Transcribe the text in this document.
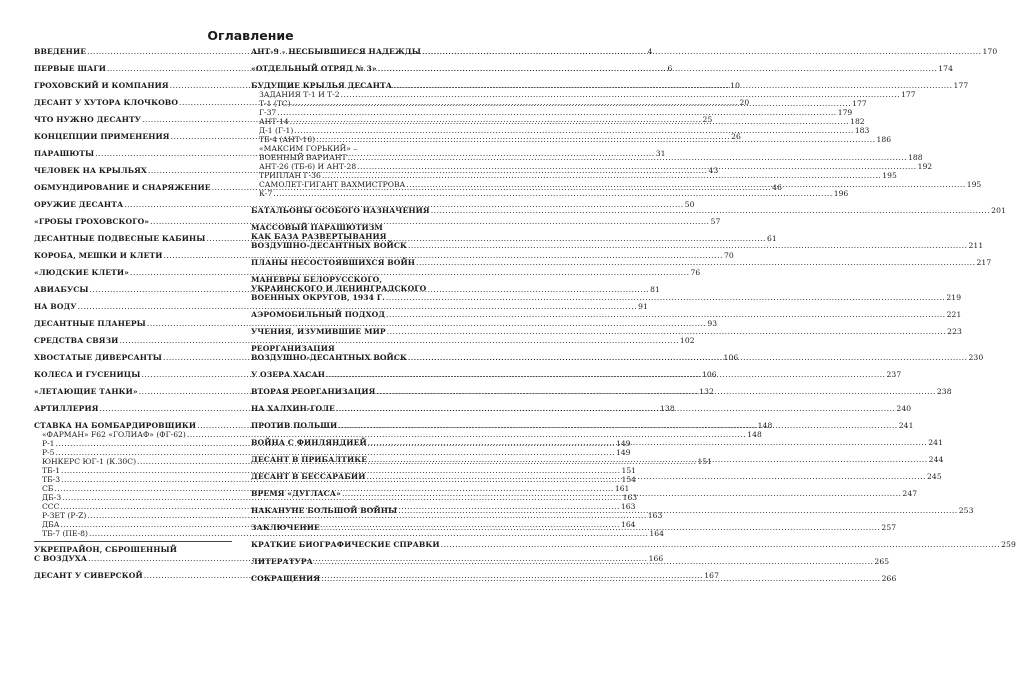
Оглавление
ВВЕДЕНИЕ .....	4
ПЕРВЫЕ ШАГИ .....	6
ГРОХОВСКИЙ И КОМПАНИЯ .....	10
ДЕСАНТ У ХУТОРА КЛОЧКОВО .....	20
ЧТО НУЖНО ДЕСАНТУ .....	25
КОНЦЕПЦИИ ПРИМЕНЕНИЯ .....	26
ПАРАШЮТЫ .....	31
ЧЕЛОВЕК НА КРЫЛЬЯХ .....	43
ОБМУНДИРОВАНИЕ И СНАРЯЖЕНИЕ .....	46
ОРУЖИЕ ДЕСАНТА .....	50
«ГРОБЫ ГРОХОВСКОГО» .....	57
ДЕСАНТНЫЕ ПОДВЕСНЫЕ КАБИНЫ .....	61
КОРОБА, МЕШКИ И КЛЕТИ .....	70
«ЛЮДСКИЕ КЛЕТИ» .....	76
АВИАБУСЫ .....	81
НА ВОДУ .....	91
ДЕСАНТНЫЕ ПЛАНЕРЫ .....	93
СРЕДСТВА СВЯЗИ .....	102
ХВОСТАТЫЕ ДИВЕРСАНТЫ .....	106
КОЛЕСА И ГУСЕНИЦЫ .....	106
«ЛЕТАЮЩИЕ ТАНКИ» .....	132
АРТИЛЛЕРИЯ .....	138
СТАВКА НА БОМБАРДИРОВЩИКИ .....	148
«ФАРМАН» F62 «ГОЛИАФ» (ФГ-62) .....	148
Р-1 .....	149
Р-5 .....	149
ЮНКЕРС ЮГ-1 (К.30С) .....	151
ТБ-1 .....	151
ТБ-3 .....	154
СБ .....	161
ДБ-3 .....	163
ССС .....	163
Р-ЗЕТ (Р-Z) .....	163
ДБА .....	164
ТБ-7 (ПЕ-8) .....	164
УКРЕПРАЙОН, СБРОШЕННЫЙ
С ВОЗДУХА .....	166
ДЕСАНТ У СИВЕРСКОЙ .....	167
АНТ-9 – НЕСБЫВШИЕСЯ НАДЕЖДЫ .....	170
«ОТДЕЛЬНЫЙ ОТРЯД № 3» .....	174
БУДУЩИЕ КРЫЛЬЯ ДЕСАНТА .....	177
ЗАДАНИЯ Т-1 И Т-2 .....	177
Т-1 (ТС) .....	177
Г-37 .....	179
АНТ-14 .....	182
Д-1 (Г-1) .....	183
ТБ-4 (АНТ-16) .....	186
«МАКСИМ ГОРЬКИЙ» –
ВОЕННЫЙ ВАРИАНТ .....	188
АНТ-26 (ТБ-6) И АНТ-28 .....	192
ТРИПЛАН Г-36 .....	195
САМОЛЕТ-ГИГАНТ ВАХМИСТРОВА .....	195
К-7 .....	196
БАТАЛЬОНЫ ОСОБОГО НАЗНАЧЕНИЯ .....	201
МАССОВЫЙ ПАРАШЮТИЗМ
КАК БАЗА РАЗВЕРТЫВАНИЯ
ВОЗДУШНО-ДЕСАНТНЫХ ВОЙСК .....	211
ПЛАНЫ НЕСОСТОЯВШИХСЯ ВОЙН .....	217
МАНЕВРЫ БЕЛОРУССКОГО,
УКРАИНСКОГО И ЛЕНИНГРАДСКОГО
ВОЕННЫХ ОКРУГОВ, 1934 Г. .....	219
АЭРОМОБИЛЬНЫЙ ПОДХОД .....	221
УЧЕНИЯ, ИЗУМИВШИЕ МИР .....	223
РЕОРГАНИЗАЦИЯ
ВОЗДУШНО-ДЕСАНТНЫХ ВОЙСК .....	230
У ОЗЕРА ХАСАН .....	237
ВТОРАЯ РЕОРГАНИЗАЦИЯ .....	238
НА ХАЛХИН-ГОЛЕ .....	240
ПРОТИВ ПОЛЬШИ .....	241
ВОЙНА С ФИНЛЯНДИЕЙ .....	241
ДЕСАНТ В ПРИБАЛТИКЕ .....	244
ДЕСАНТ В БЕССАРАБИИ .....	245
ВРЕМЯ «ДУГЛАСА» .....	247
НАКАНУНЕ БОЛЬШОЙ ВОЙНЫ .....	253
ЗАКЛЮЧЕНИЕ .....	257
КРАТКИЕ БИОГРАФИЧЕСКИЕ СПРАВКИ .....	259
ЛИТЕРАТУРА .....	265
СОКРАЩЕНИЯ .....	266
